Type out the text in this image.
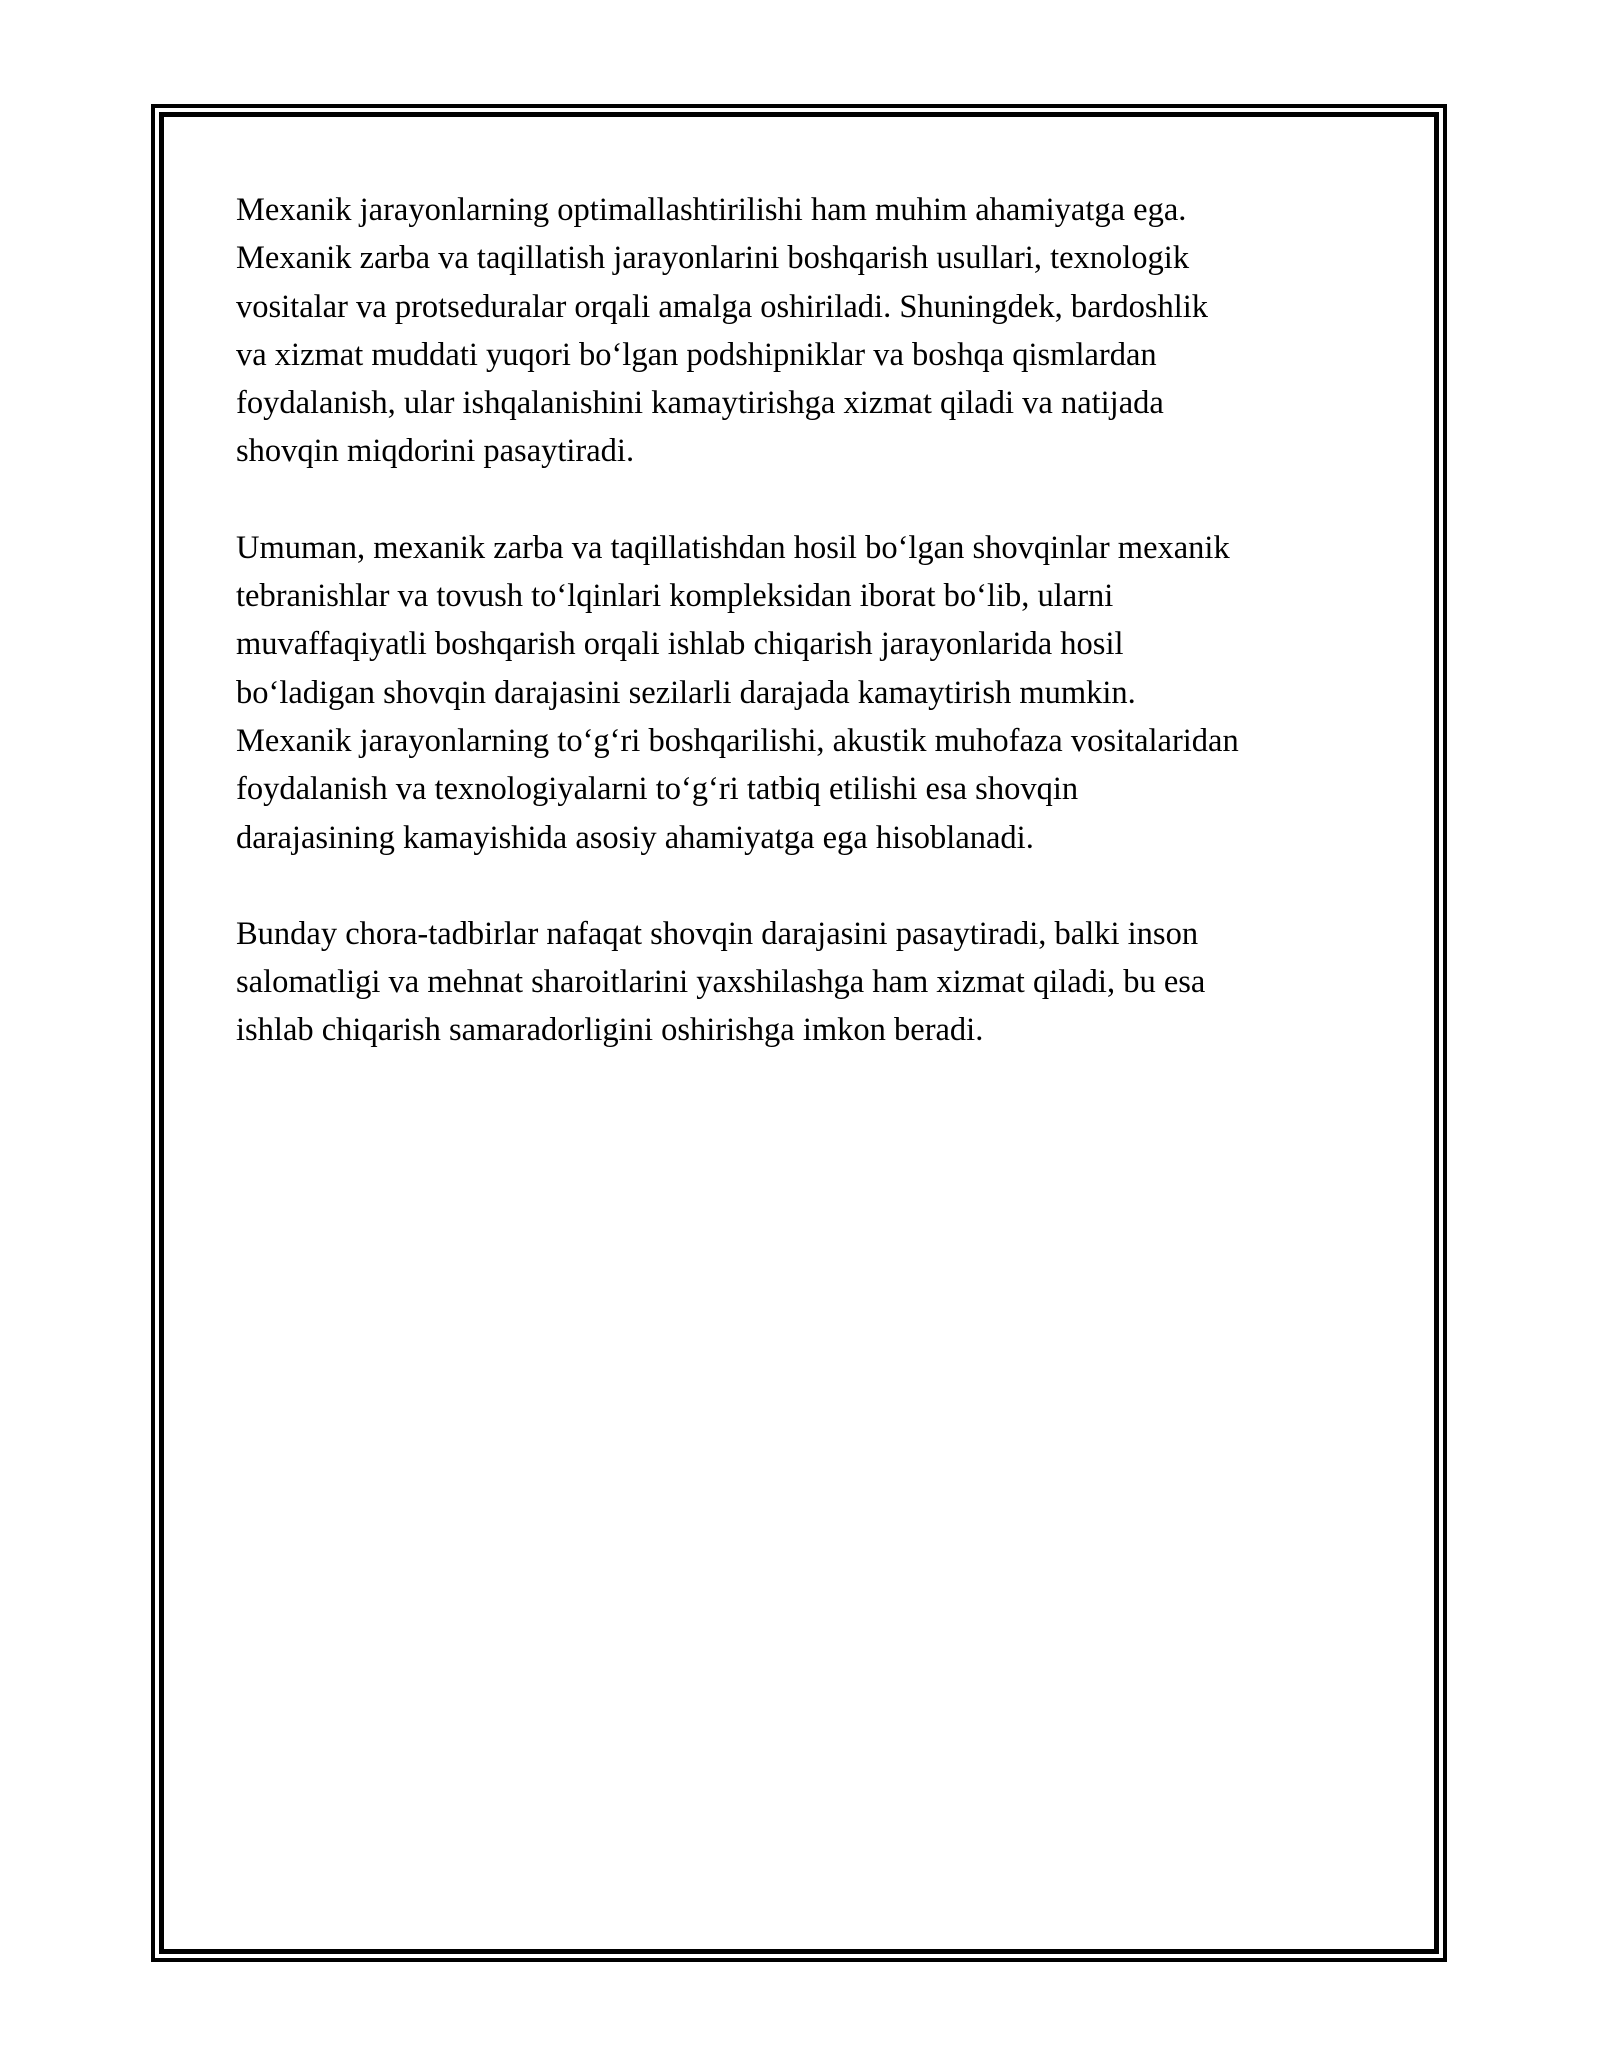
Mexanik jarayonlarning optimallashtirilishi ham muhim ahamiyatga ega.
Mexanik zarba va taqillatish jarayonlarini boshqarish usullari, texnologik
vositalar va protseduralar orqali amalga oshiriladi. Shuningdek, bardoshlik
va xizmat muddati yuqori bo‘lgan podshipniklar va boshqa qismlardan
foydalanish, ular ishqalanishini kamaytirishga xizmat qiladi va natijada
shovqin miqdorini pasaytiradi.

Umuman, mexanik zarba va taqillatishdan hosil bo‘lgan shovqinlar mexanik
tebranishlar va tovush to‘lqinlari kompleksidan iborat bo‘lib, ularni
muvaffaqiyatli boshqarish orqali ishlab chiqarish jarayonlarida hosil
bo‘ladigan shovqin darajasini sezilarli darajada kamaytirish mumkin.
Mexanik jarayonlarning to‘g‘ri boshqarilishi, akustik muhofaza vositalaridan
foydalanish va texnologiyalarni to‘g‘ri tatbiq etilishi esa shovqin
darajasining kamayishida asosiy ahamiyatga ega hisoblanadi.

Bunday chora-tadbirlar nafaqat shovqin darajasini pasaytiradi, balki inson
salomatligi va mehnat sharoitlarini yaxshilashga ham xizmat qiladi, bu esa
ishlab chiqarish samaradorligini oshirishga imkon beradi.
